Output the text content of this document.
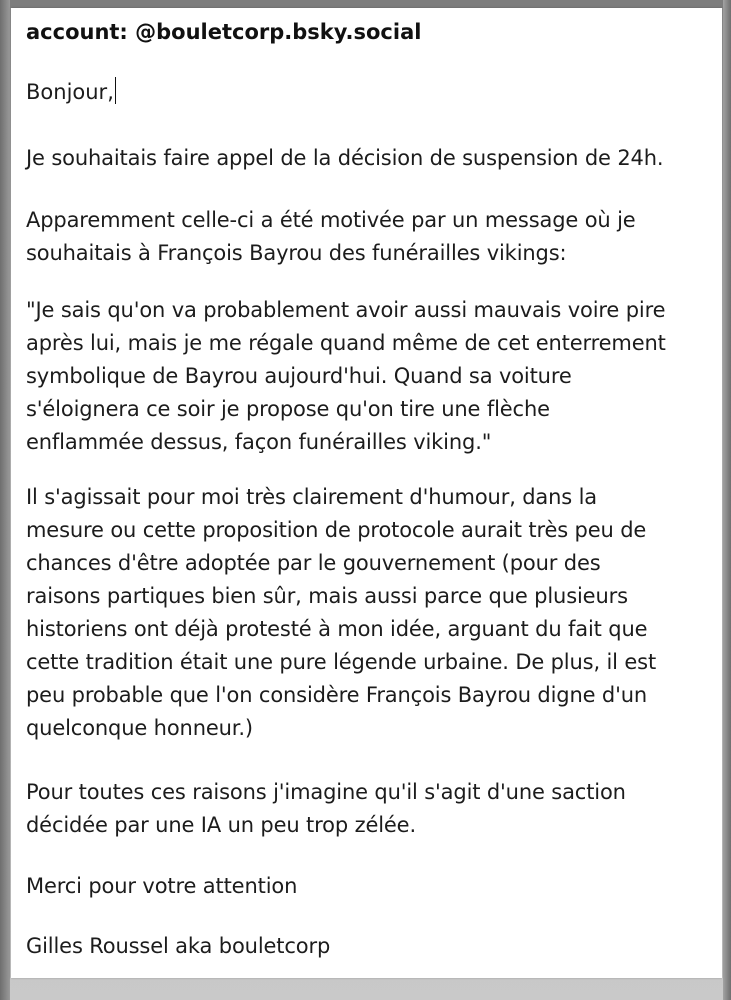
account: @bouletcorp.bsky.social
Bonjour,
Je souhaitais faire appel de la décision de suspension de 24h.
Apparemment celle-ci a été motivée par un message où je
souhaitais à François Bayrou des funérailles vikings:
"Je sais qu'on va probablement avoir aussi mauvais voire pire
après lui, mais je me régale quand même de cet enterrement
symbolique de Bayrou aujourd'hui. Quand sa voiture
s'éloignera ce soir je propose qu'on tire une flèche
enflammée dessus, façon funérailles viking."
Il s'agissait pour moi très clairement d'humour, dans la
mesure ou cette proposition de protocole aurait très peu de
chances d'être adoptée par le gouvernement (pour des
raisons partiques bien sûr, mais aussi parce que plusieurs
historiens ont déjà protesté à mon idée, arguant du fait que
cette tradition était une pure légende urbaine. De plus, il est
peu probable que l'on considère François Bayrou digne d'un
quelconque honneur.)
Pour toutes ces raisons j'imagine qu'il s'agit d'une saction
décidée par une IA un peu trop zélée.
Merci pour votre attention
Gilles Roussel aka bouletcorp
